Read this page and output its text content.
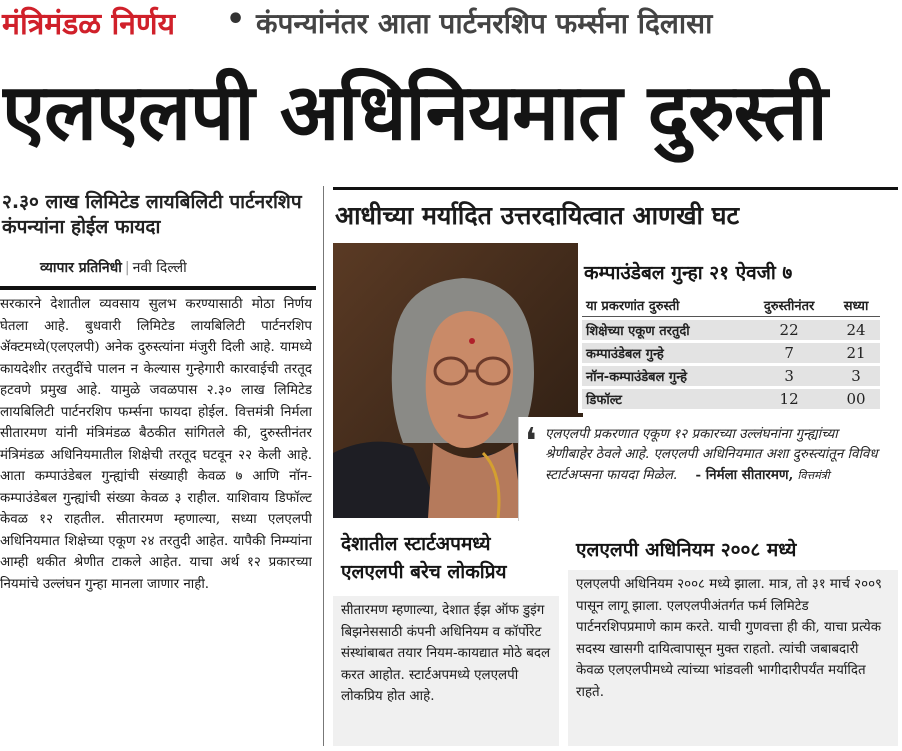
मंत्रिमंडळ निर्णय • कंपन्यांनंतर आता पार्टनरशिप फर्म्सना दिलासा
एलएलपी अधिनियमात दुरुस्ती
२.३० लाख लिमिटेड लायबिलिटी पार्टनरशिप कंपन्यांना होईल फायदा
व्यापार प्रतिनिधी | नवी दिल्ली

सरकारने देशातील व्यवसाय सुलभ करण्यासाठी मोठा निर्णय घेतला आहे. बुधवारी लिमिटेड लायबिलिटी पार्टनरशिप ॲक्टमध्ये(एलएलपी) अनेक दुरुस्त्यांना मंजुरी दिली आहे. यामध्ये कायदेशीर तरतुदींचे पालन न केल्यास गुन्हेगारी कारवाईची तरतूद हटवणे प्रमुख आहे. यामुळे जवळपास २.३० लाख लिमिटेड लायबिलिटी पार्टनरशिप फर्म्सना फायदा होईल. वित्तमंत्री निर्मला सीतारमण यांनी मंत्रिमंडळ बैठकीत सांगितले की, दुरुस्तीनंतर मंत्रिमंडळ अधिनियमातील शिक्षेची तरतूद घटवून २२ केली आहे. आता कम्पाउंडेबल गुन्ह्यांची संख्याही केवळ ७ आणि नॉन-कम्पाउंडेबल गुन्ह्यांची संख्या केवळ ३ राहील. याशिवाय डिफॉल्ट केवळ १२ राहतील. सीतारमण म्हणाल्या, सध्या एलएलपी अधिनियमात शिक्षेच्या एकूण २४ तरतुदी आहेत. यापैकी निम्म्यांना आम्ही थकीत श्रेणीत टाकले आहेत. याचा अर्थ १२ प्रकारच्या नियमांचे उल्लंघन गुन्हा मानला जाणार नाही.

आधीच्या मर्यादित उत्तरदायित्वात आणखी घट
कम्पाउंडेबल गुन्हा २१ ऐवजी ७
या प्रकरणांत दुरुस्ती	दुरुस्तीनंतर	सध्या
शिक्षेच्या एकूण तरतुदी	22	24
कम्पाउंडेबल गुन्हे	7	21
नॉन-कम्पाउंडेबल गुन्हे	3	3
डिफॉल्ट	12	00
❛ एलएलपी प्रकरणात एकूण १२ प्रकारच्या उल्लंघनांना गुन्ह्यांच्या श्रेणीबाहेर ठेवले आहे. एलएलपी अधिनियमात अशा दुरुस्त्यांतून विविध स्टार्टअप्सना फायदा मिळेल. - निर्मला सीतारमण, वित्तमंत्री

देशातील स्टार्टअपमध्ये एलएलपी बरेच लोकप्रिय

सीतारमण म्हणाल्या, देशात ईझ ऑफ डुइंग बिझनेससाठी कंपनी अधिनियम व कॉर्पोरेट संस्थांबाबत तयार नियम-कायद्यात मोठे बदल करत आहोत. स्टार्टअपमध्ये एलएलपी लोकप्रिय होत आहे.

एलएलपी अधिनियम २००८ मध्ये

एलएलपी अधिनियम २००८ मध्ये झाला. मात्र, तो ३१ मार्च २००९ पासून लागू झाला. एलएलपीअंतर्गत फर्म लिमिटेड पार्टनरशिपप्रमाणे काम करते. याची गुणवत्ता ही की, याचा प्रत्येक सदस्य खासगी दायित्वापासून मुक्त राहतो. त्यांची जबाबदारी केवळ एलएलपीमध्ये त्यांच्या भांडवली भागीदारीपर्यंत मर्यादित राहते.
